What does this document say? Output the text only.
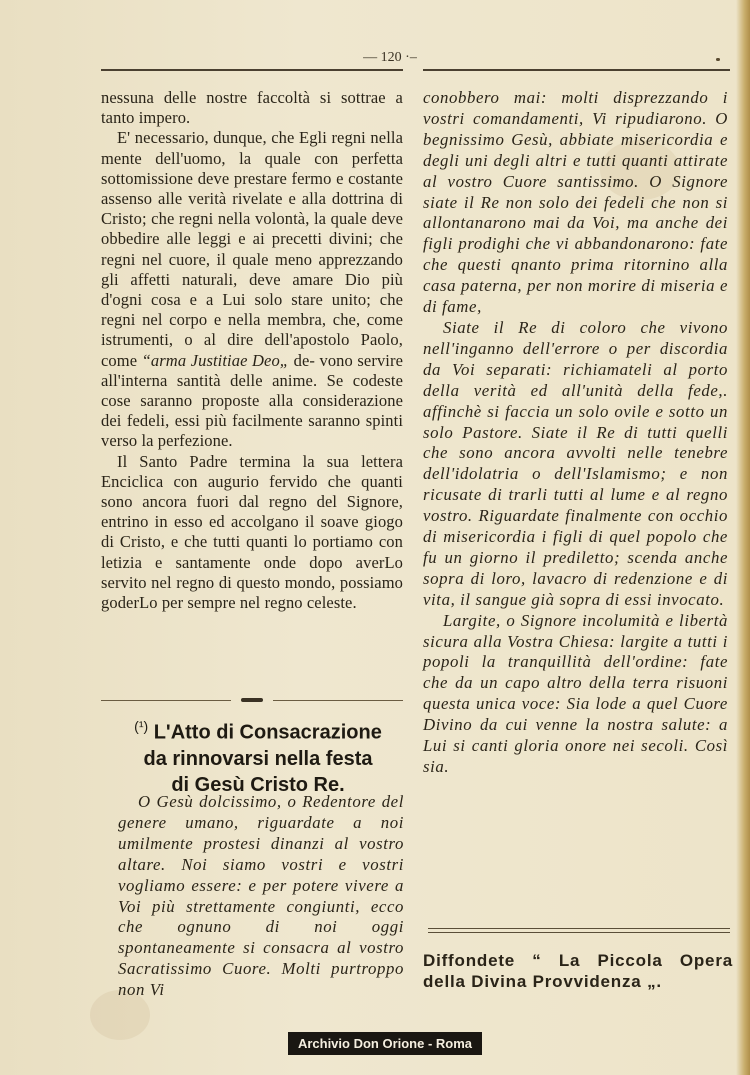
— 120 ·–

nessuna delle nostre faccoltà si sottrae a tanto impero.

E' necessario, dunque, che Egli regni nella mente dell'uomo, la quale con perfetta sottomissione deve prestare fermo e costante assenso alle verità rivelate e alla dottrina di Cristo; che regni nella volontà, la quale deve obbedire alle leggi e ai precetti divini; che regni nel cuore, il quale meno apprezzando gli affetti naturali, deve amare Dio più d'ogni cosa e a Lui solo stare unito; che regni nel corpo e nella membra, che, come istrumenti, o al dire dell'apostolo Paolo, come “arma Justitiae Deo„ de- vono servire all'interna santità delle anime. Se codeste cose saranno proposte alla considerazione dei fedeli, essi più facilmente saranno spinti verso la perfezione.

Il Santo Padre termina la sua lettera Enciclica con augurio fervido che quanti sono ancora fuori dal regno del Signore, entrino in esso ed accolgano il soave giogo di Cristo, e che tutti quanti lo portiamo con letizia e santamente onde dopo averLo servito nel regno di questo mondo, possiamo goderLo per sempre nel regno celeste.

$^{(^1)}$ L'Atto di Consacrazione
da rinnovarsi nella festa
di Gesù Cristo Re.

O Gesù dolcissimo, o Redentore del genere umano, riguardate a noi umilmente prostesi dinanzi al vostro altare. Noi siamo vostri e vostri vogliamo essere: e per potere vivere a Voi più strettamente congiunti, ecco che ognuno di noi oggi spontaneamente si consacra al vostro Sacratissimo Cuore. Molti purtroppo non Vi

conobbero mai: molti disprezzando i vostri comandamenti, Vi ripudiarono. O begnissimo Gesù, abbiate misericordia e degli uni degli altri e tutti quanti attirate al vostro Cuore santissimo. O Signore siate il Re non solo dei fedeli che non si allontanarono mai da Voi, ma anche dei figli prodighi che vi abbandonarono: fate che questi qnanto prima ritornino alla casa paterna, per non morire di miseria e di fame,

Siate il Re di coloro che vivono nell'inganno dell'errore o per discordia da Voi separati: richiamateli al porto della verità ed all'unità della fede,. affinchè si faccia un solo ovile e sotto un solo Pastore. Siate il Re di tutti quelli che sono ancora avvolti nelle tenebre dell'idolatria o dell'Islamismo; e non ricusate di trarli tutti al lume e al regno vostro. Riguardate finalmente con occhio di misericordia i figli di quel popolo che fu un giorno il prediletto; scenda anche sopra di loro, lavacro di redenzione e di vita, il sangue già sopra di essi invocato.

Largite, o Signore incolumità e libertà sicura alla Vostra Chiesa: largite a tutti i popoli la tranquillità dell'ordine: fate che da un capo altro della terra risuoni questa unica voce: Sia lode a quel Cuore Divino da cui venne la nostra salute: a Lui si canti gloria onore nei secoli. Così sia.

Diffondete “ La Piccola Opera della Divina Provvidenza „.
Archivio Don Orione - Roma
